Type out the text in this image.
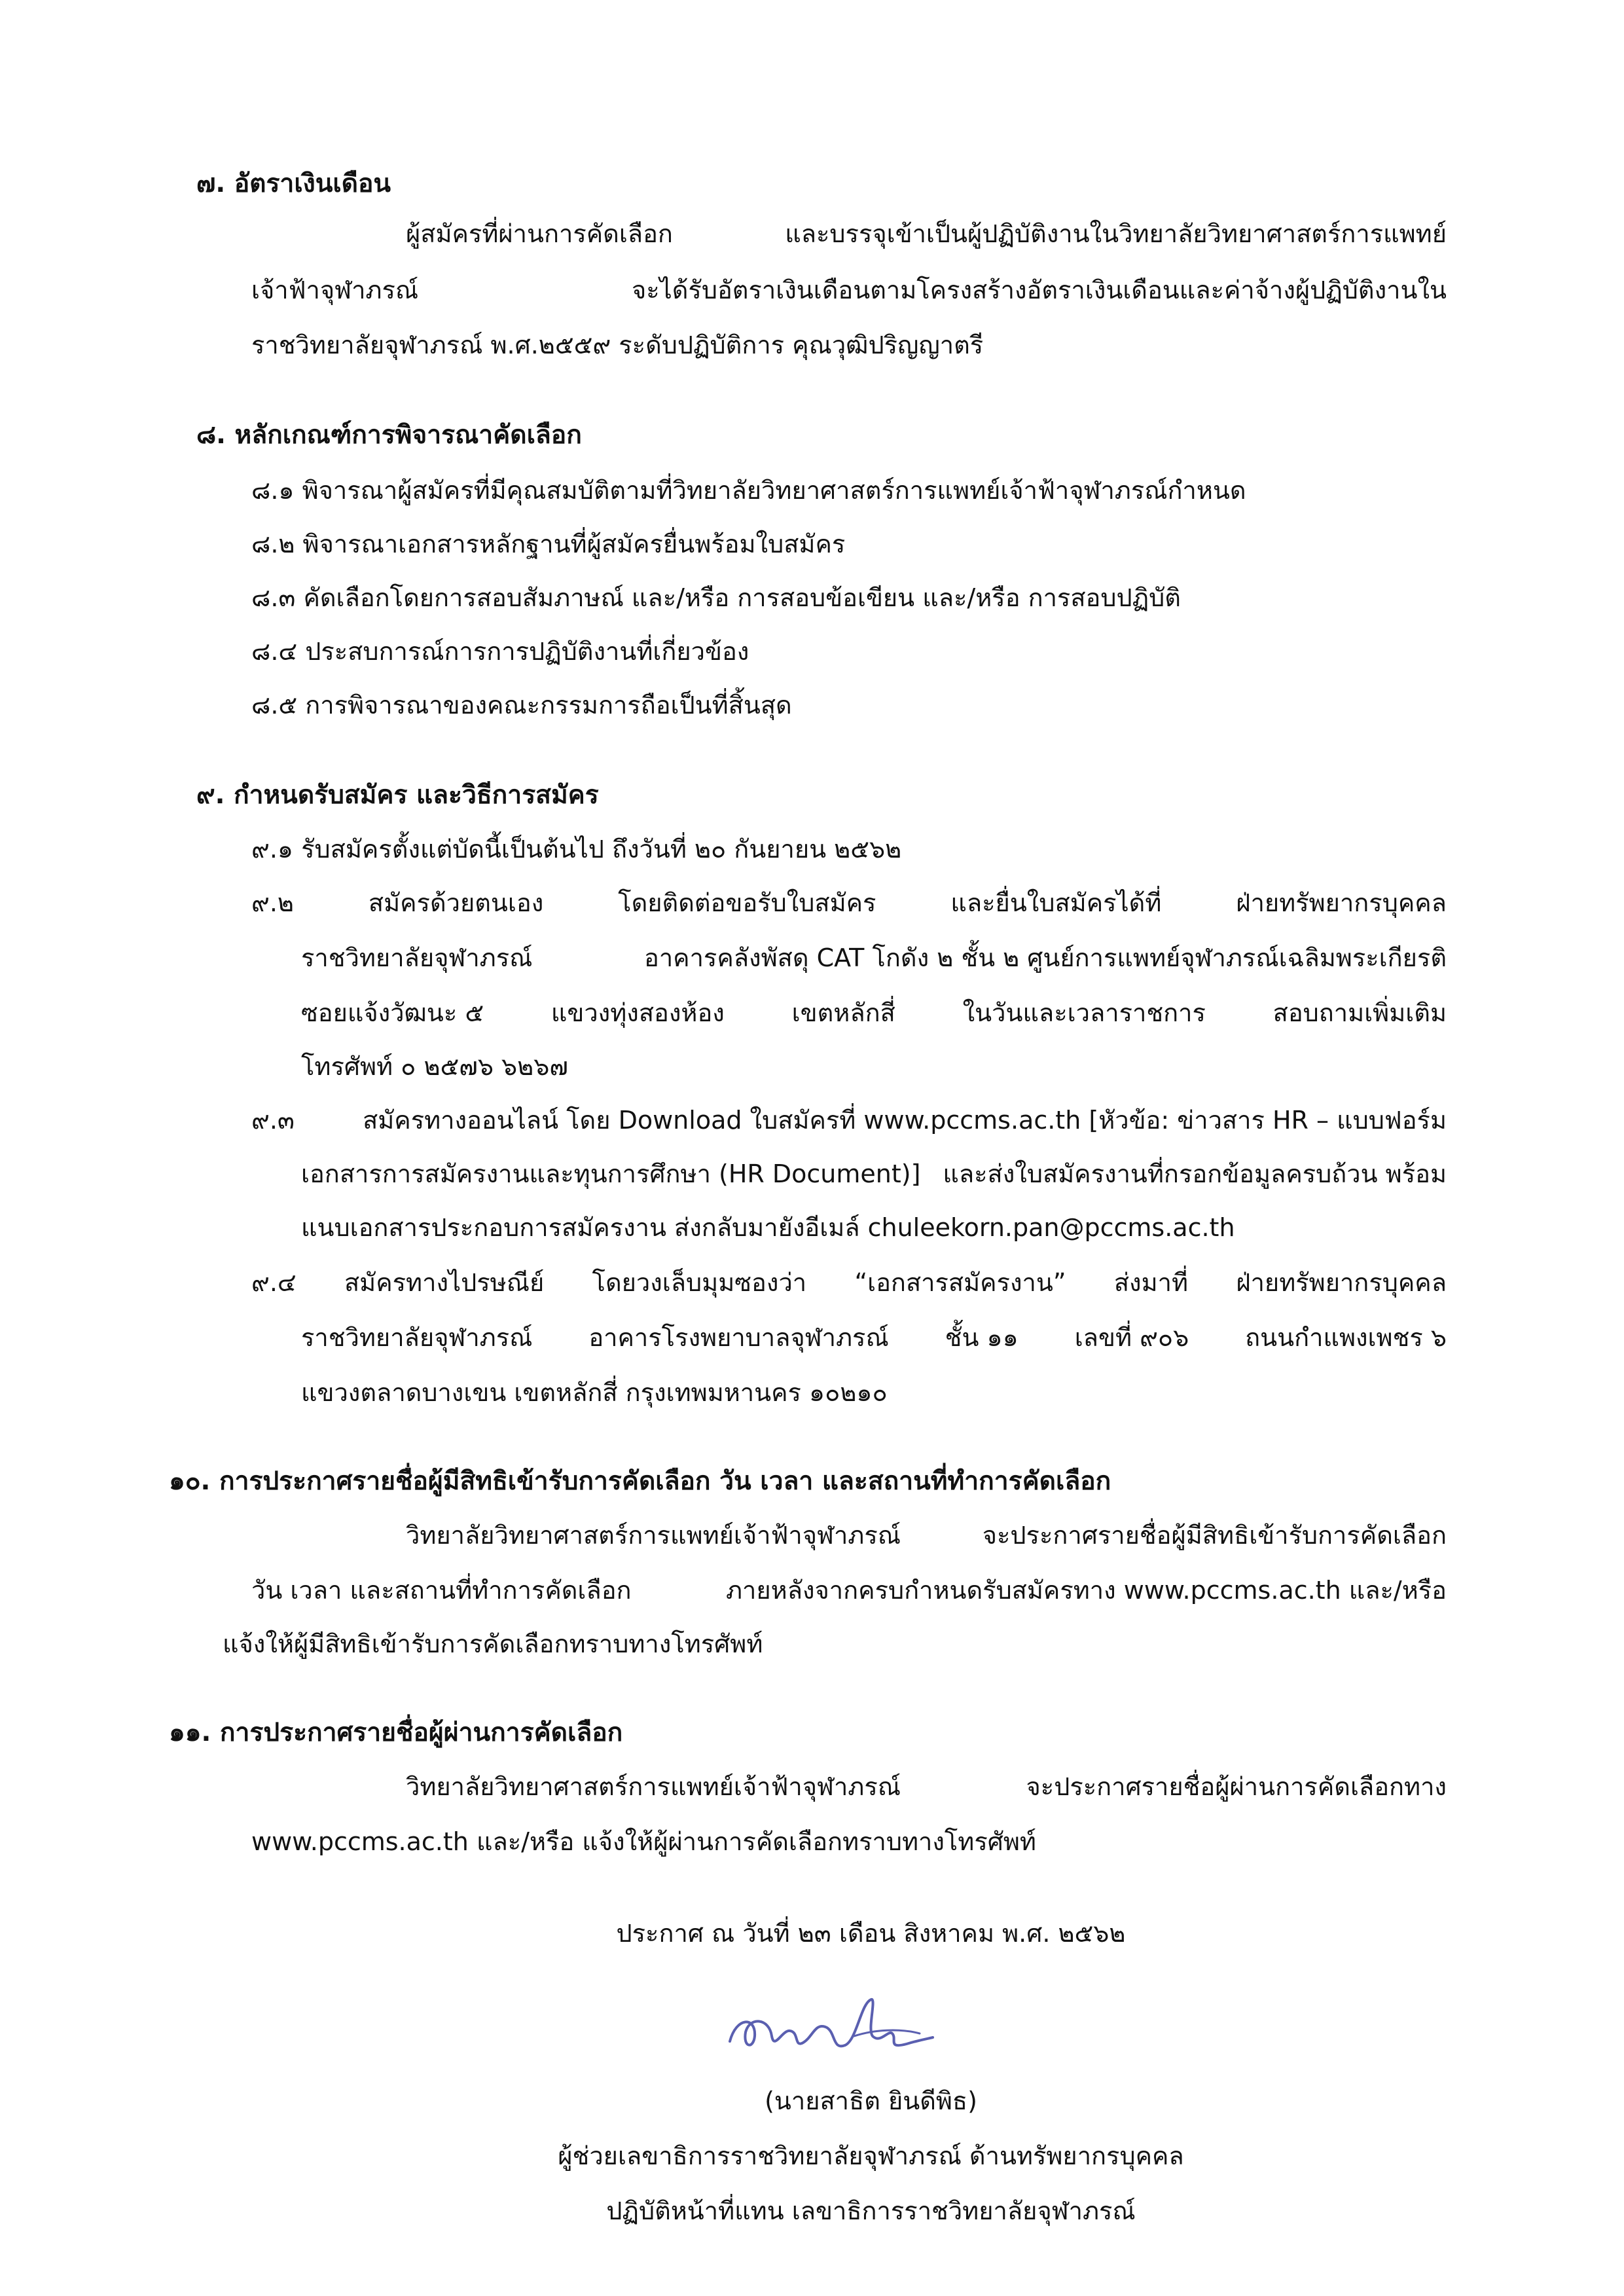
๗. อัตราเงินเดือน
ผู้สมัครที่ผ่านการคัดเลือก	และบรรจุเข้าเป็นผู้ปฏิบัติงานในวิทยาลัยวิทยาศาสตร์การแพทย์
เจ้าฟ้าจุฬาภรณ์	จะได้รับอัตราเงินเดือนตามโครงสร้างอัตราเงินเดือนและค่าจ้างผู้ปฏิบัติงานใน
ราชวิทยาลัยจุฬาภรณ์ พ.ศ.๒๕๕๙ ระดับปฏิบัติการ คุณวุฒิปริญญาตรี
๘. หลักเกณฑ์การพิจารณาคัดเลือก
๘.๑ พิจารณาผู้สมัครที่มีคุณสมบัติตามที่วิทยาลัยวิทยาศาสตร์การแพทย์เจ้าฟ้าจุฬาภรณ์กำหนด
๘.๒ พิจารณาเอกสารหลักฐานที่ผู้สมัครยื่นพร้อมใบสมัคร
๘.๓ คัดเลือกโดยการสอบสัมภาษณ์ และ/หรือ การสอบข้อเขียน และ/หรือ การสอบปฏิบัติ
๘.๔ ประสบการณ์การการปฏิบัติงานที่เกี่ยวข้อง
๘.๕ การพิจารณาของคณะกรรมการถือเป็นที่สิ้นสุด
๙. กำหนดรับสมัคร และวิธีการสมัคร
๙.๑ รับสมัครตั้งแต่บัดนี้เป็นต้นไป ถึงวันที่ ๒๐ กันยายน ๒๕๖๒
๙.๒	สมัครด้วยตนเอง	โดยติดต่อขอรับใบสมัคร	และยื่นใบสมัครได้ที่	ฝ่ายทรัพยากรบุคคล
ราชวิทยาลัยจุฬาภรณ์	อาคารคลังพัสดุ CAT โกดัง ๒ ชั้น ๒ ศูนย์การแพทย์จุฬาภรณ์เฉลิมพระเกียรติ
ซอยแจ้งวัฒนะ ๕	แขวงทุ่งสองห้อง	เขตหลักสี่	ในวันและเวลาราชการ	สอบถามเพิ่มเติม
โทรศัพท์ ๐ ๒๕๗๖ ๖๒๖๗
๙.๓	สมัครทางออนไลน์ โดย Download ใบสมัครที่ www.pccms.ac.th [หัวข้อ: ข่าวสาร HR – แบบฟอร์ม
เอกสารการสมัครงานและทุนการศึกษา (HR Document)] และส่งใบสมัครงานที่กรอกข้อมูลครบถ้วน พร้อม
แนบเอกสารประกอบการสมัครงาน ส่งกลับมายังอีเมล์ chuleekorn.pan@pccms.ac.th
๙.๔ สมัครทางไปรษณีย์ โดยวงเล็บมุมซองว่า “เอกสารสมัครงาน” ส่งมาที่ ฝ่ายทรัพยากรบุคคล
ราชวิทยาลัยจุฬาภรณ์ อาคารโรงพยาบาลจุฬาภรณ์ ชั้น ๑๑ เลขที่ ๙๐๖ ถนนกำแพงเพชร ๖
แขวงตลาดบางเขน เขตหลักสี่ กรุงเทพมหานคร ๑๐๒๑๐
๑๐. การประกาศรายชื่อผู้มีสิทธิเข้ารับการคัดเลือก วัน เวลา และสถานที่ทำการคัดเลือก
วิทยาลัยวิทยาศาสตร์การแพทย์เจ้าฟ้าจุฬาภรณ์	จะประกาศรายชื่อผู้มีสิทธิเข้ารับการคัดเลือก
วัน เวลา และสถานที่ทำการคัดเลือก	ภายหลังจากครบกำหนดรับสมัครทาง www.pccms.ac.th และ/หรือ
แจ้งให้ผู้มีสิทธิเข้ารับการคัดเลือกทราบทางโทรศัพท์
๑๑. การประกาศรายชื่อผู้ผ่านการคัดเลือก
วิทยาลัยวิทยาศาสตร์การแพทย์เจ้าฟ้าจุฬาภรณ์	จะประกาศรายชื่อผู้ผ่านการคัดเลือกทาง
www.pccms.ac.th และ/หรือ แจ้งให้ผู้ผ่านการคัดเลือกทราบทางโทรศัพท์
ประกาศ ณ วันที่ ๒๓ เดือน สิงหาคม พ.ศ. ๒๕๖๒
(นายสาธิต ยินดีพิธ)
ผู้ช่วยเลขาธิการราชวิทยาลัยจุฬาภรณ์ ด้านทรัพยากรบุคคล
ปฏิบัติหน้าที่แทน เลขาธิการราชวิทยาลัยจุฬาภรณ์
